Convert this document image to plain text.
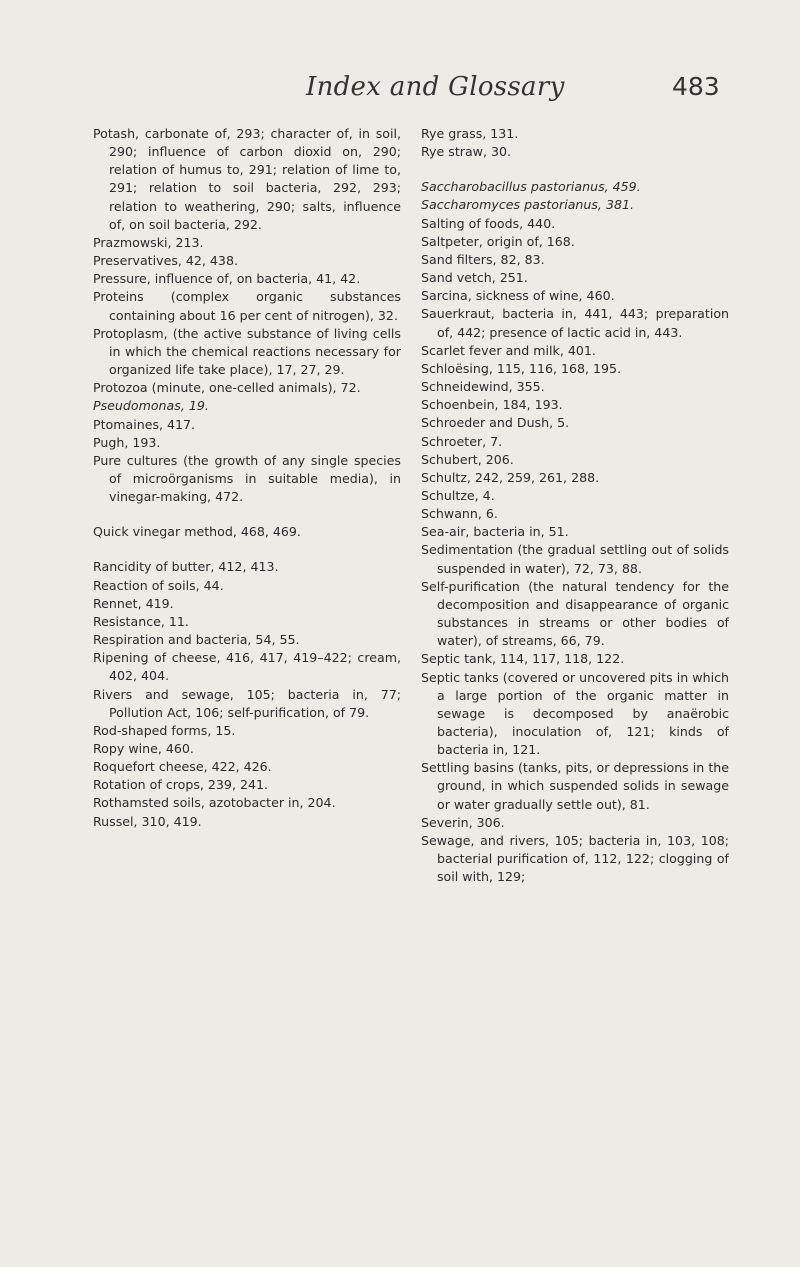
Index and Glossary	483
Potash, carbonate of, 293; character of, in soil, 290; influence of carbon dioxid on, 290; relation of humus to, 291; relation of lime to, 291; relation to soil bacteria, 292, 293; relation to weathering, 290; salts, influence of, on soil bacteria, 292.
Prazmowski, 213.
Preservatives, 42, 438.
Pressure, influence of, on bacteria, 41, 42.
Proteins (complex organic substances containing about 16 per cent of nitrogen), 32.
Protoplasm, (the active substance of living cells in which the chemical reactions necessary for organized life take place), 17, 27, 29.
Protozoa (minute, one-celled animals), 72.
Pseudomonas, 19.
Ptomaines, 417.
Pugh, 193.
Pure cultures (the growth of any single species of microörganisms in suitable media), in vinegar-making, 472.
Quick vinegar method, 468, 469.
Rancidity of butter, 412, 413.
Reaction of soils, 44.
Rennet, 419.
Resistance, 11.
Respiration and bacteria, 54, 55.
Ripening of cheese, 416, 417, 419–422; cream, 402, 404.
Rivers and sewage, 105; bacteria in, 77; Pollution Act, 106; self-purification, of 79.
Rod-shaped forms, 15.
Ropy wine, 460.
Roquefort cheese, 422, 426.
Rotation of crops, 239, 241.
Rothamsted soils, azotobacter in, 204.
Russel, 310, 419.
Rye grass, 131.
Rye straw, 30.
Saccharobacillus pastorianus, 459.
Saccharomyces pastorianus, 381.
Salting of foods, 440.
Saltpeter, origin of, 168.
Sand filters, 82, 83.
Sand vetch, 251.
Sarcina, sickness of wine, 460.
Sauerkraut, bacteria in, 441, 443; preparation of, 442; presence of lactic acid in, 443.
Scarlet fever and milk, 401.
Schloësing, 115, 116, 168, 195.
Schneidewind, 355.
Schoenbein, 184, 193.
Schroeder and Dush, 5.
Schroeter, 7.
Schubert, 206.
Schultz, 242, 259, 261, 288.
Schultze, 4.
Schwann, 6.
Sea-air, bacteria in, 51.
Sedimentation (the gradual settling out of solids suspended in water), 72, 73, 88.
Self-purification (the natural tendency for the decomposition and disappearance of organic substances in streams or other bodies of water), of streams, 66, 79.
Septic tank, 114, 117, 118, 122.
Septic tanks (covered or uncovered pits in which a large portion of the organic matter in sewage is decomposed by anaërobic bacteria), inoculation of, 121; kinds of bacteria in, 121.
Settling basins (tanks, pits, or depressions in the ground, in which suspended solids in sewage or water gradually settle out), 81.
Severin, 306.
Sewage, and rivers, 105; bacteria in, 103, 108; bacterial purification of, 112, 122; clogging of soil with, 129;
